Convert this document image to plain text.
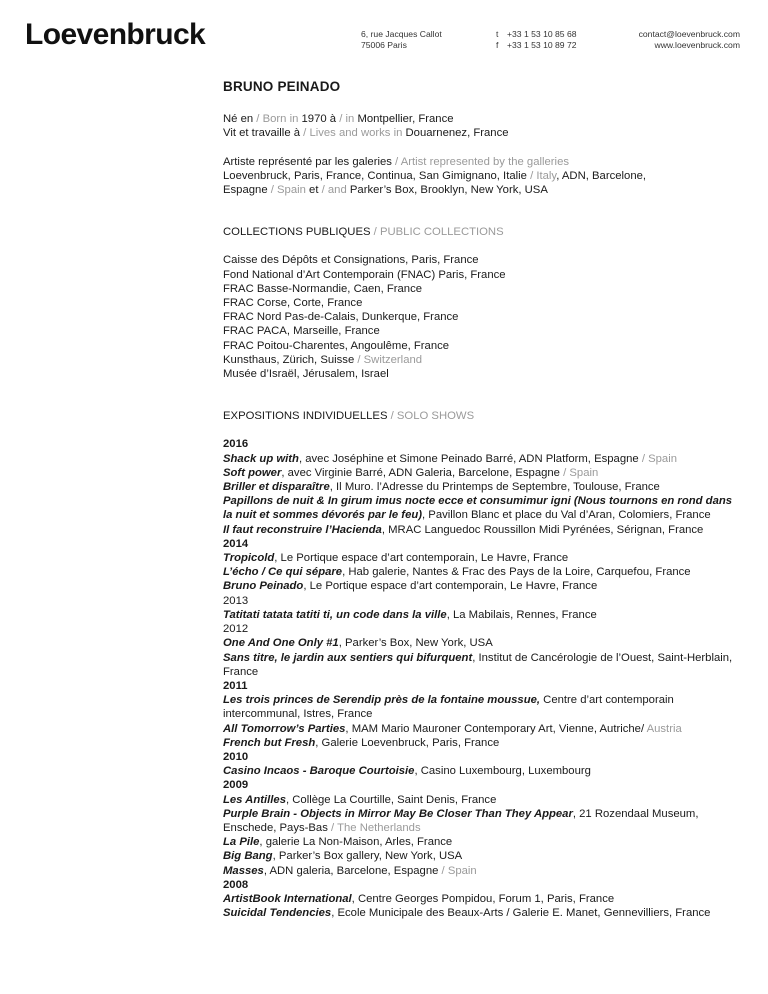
Loevenbruck	6, rue Jacques Callot
75006 Paris
t +33 1 53 10 85 68
f +33 1 53 10 89 72
contact@loevenbruck.com
www.loevenbruck.com
BRUNO PEINADO

Né en / Born in 1970 à / in Montpellier, France

Vit et travaille à / Lives and works in Douarnenez, France

Artiste représenté par les galeries / Artist represented by the galleries

Loevenbruck, Paris, France, Continua, San Gimignano, Italie / Italy, ADN, Barcelone,

Espagne / Spain et / and Parker’s Box, Brooklyn, New York, USA

COLLECTIONS PUBLIQUES / PUBLIC COLLECTIONS

Caisse des Dépôts et Consignations, Paris, France

Fond National d’Art Contemporain (FNAC) Paris, France

FRAC Basse-Normandie, Caen, France

FRAC Corse, Corte, France

FRAC Nord Pas-de-Calais, Dunkerque, France

FRAC PACA, Marseille, France

FRAC Poitou-Charentes, Angoulême, France

Kunsthaus, Zürich, Suisse / Switzerland

Musée d’Israël, Jérusalem, Israel

EXPOSITIONS INDIVIDUELLES / SOLO SHOWS

2016

Shack up with, avec Joséphine et Simone Peinado Barré, ADN Platform, Espagne / Spain

Soft power, avec Virginie Barré, ADN Galeria, Barcelone, Espagne / Spain

Briller et disparaître, Il Muro. l’Adresse du Printemps de Septembre, Toulouse, France

Papillons de nuit & In girum imus nocte ecce et consumimur igni (Nous tournons en rond dans la nuit et sommes dévorés par le feu), Pavillon Blanc et place du Val d’Aran, Colomiers, France

Il faut reconstruire l’Hacienda, MRAC Languedoc Roussillon Midi Pyrénées, Sérignan, France

2014

Tropicold, Le Portique espace d’art contemporain, Le Havre, France

L’écho / Ce qui sépare, Hab galerie, Nantes & Frac des Pays de la Loire, Carquefou, France

Bruno Peinado, Le Portique espace d’art contemporain, Le Havre, France

2013

Tatitati tatata tatiti ti, un code dans la ville, La Mabilais, Rennes, France

2012

One And One Only #1, Parker’s Box, New York, USA

Sans titre, le jardin aux sentiers qui bifurquent, Institut de Cancérologie de l’Ouest, Saint-Herblain, France

2011

Les trois princes de Serendip près de la fontaine moussue, Centre d’art contemporain intercommunal, Istres, France

All Tomorrow’s Parties, MAM Mario Mauroner Contemporary Art, Vienne, Autriche/ Austria

French but Fresh, Galerie Loevenbruck, Paris, France

2010

Casino Incaos - Baroque Courtoisie, Casino Luxembourg, Luxembourg

2009

Les Antilles, Collège La Courtille, Saint Denis, France

Purple Brain - Objects in Mirror May Be Closer Than They Appear, 21 Rozendaal Museum, Enschede, Pays-Bas / The Netherlands

La Pile, galerie La Non-Maison, Arles, France

Big Bang, Parker’s Box gallery, New York, USA

Masses, ADN galeria, Barcelone, Espagne / Spain

2008

ArtistBook International, Centre Georges Pompidou, Forum 1, Paris, France

Suicidal Tendencies, Ecole Municipale des Beaux-Arts / Galerie E. Manet, Gennevilliers, France
